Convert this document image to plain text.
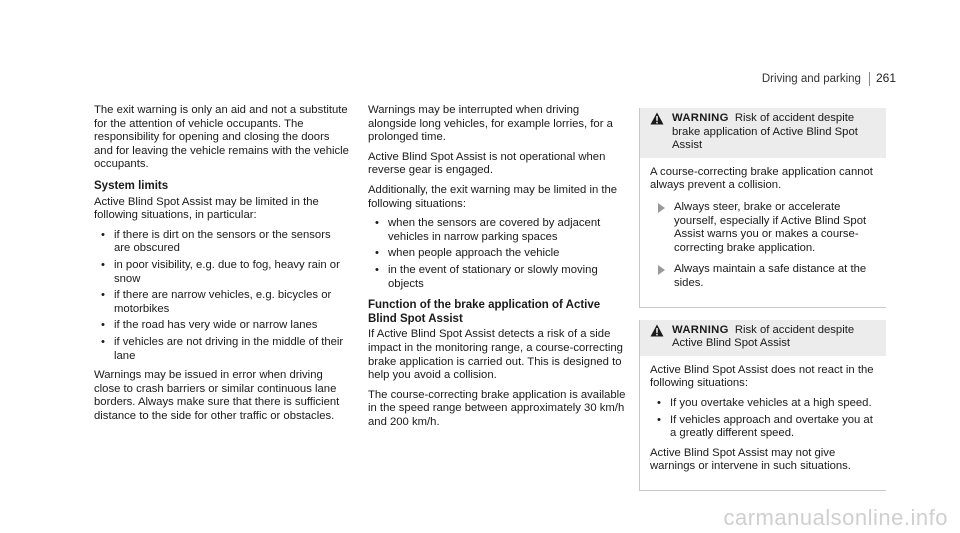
Driving and parking	261

The exit warning is only an aid and not a substitute for the attention of vehicle occupants. The responsibility for opening and closing the doors and for leaving the vehicle remains with the vehicle occupants.

System limits

Active Blind Spot Assist may be limited in the following situations, in particular:

• if there is dirt on the sensors or the sensors are obscured
• in poor visibility, e.g. due to fog, heavy rain or snow
• if there are narrow vehicles, e.g. bicycles or motorbikes
• if the road has very wide or narrow lanes
• if vehicles are not driving in the middle of their lane

Warnings may be issued in error when driving close to crash barriers or similar continuous lane borders. Always make sure that there is sufficient distance to the side for other traffic or obstacles.

Warnings may be interrupted when driving alongside long vehicles, for example lorries, for a prolonged time.

Active Blind Spot Assist is not operational when reverse gear is engaged.

Additionally, the exit warning may be limited in the following situations:

• when the sensors are covered by adjacent vehicles in narrow parking spaces
• when people approach the vehicle
• in the event of stationary or slowly moving objects
Function of the brake application of Active Blind Spot Assist

If Active Blind Spot Assist detects a risk of a side impact in the monitoring range, a course-correcting brake application is carried out. This is designed to help you avoid a collision.

The course-correcting brake application is available in the speed range between approximately 30 km/h and 200 km/h.

WARNING Risk of accident despite brake application of Active Blind Spot Assist

A course-correcting brake application cannot always prevent a collision.

Always steer, brake or accelerate yourself, especially if Active Blind Spot Assist warns you or makes a course-correcting brake application.
Always maintain a safe distance at the sides.
WARNING Risk of accident despite Active Blind Spot Assist

Active Blind Spot Assist does not react in the following situations:

• If you overtake vehicles at a high speed.
• If vehicles approach and overtake you at a greatly different speed.

Active Blind Spot Assist may not give warnings or intervene in such situations.

carmanualsonline.info
